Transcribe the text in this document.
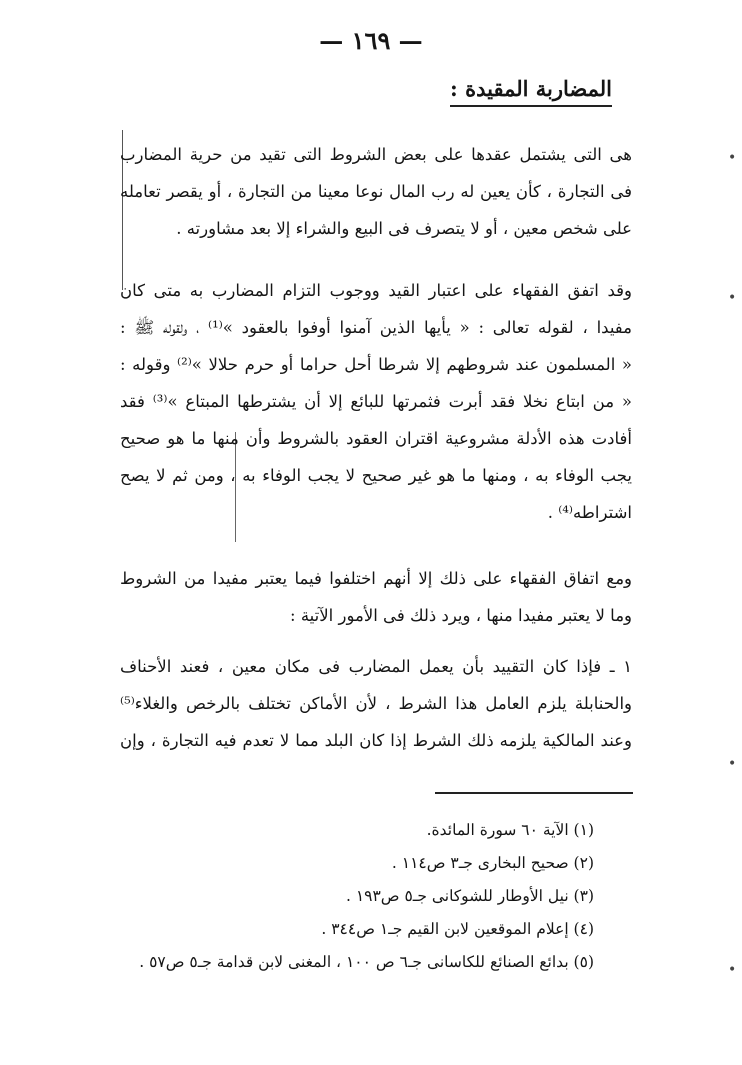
— ١٦٩ —
المضاربة المقيدة :

هى التى يشتمل عقدها على بعض الشروط التى تقيد من حرية المضارب
فى التجارة ، كأن يعين له رب المال نوعا معينا من التجارة ، أو يقصر تعامله
على شخص معين ، أو لا يتصرف فى البيع والشراء إلا بعد مشاورته .

وقد اتفق الفقهاء على اعتبار القيد ووجوب التزام المضارب به متى كان
مفيدا ، لقوله تعالى : « يأيها الذين آمنوا أوفوا بالعقود »⁽¹⁾ ، ولقوله ﷺ :
« المسلمون عند شروطهم إلا شرطا أحل حراما أو حرم حلالا »⁽²⁾ وقوله :
« من ابتاع نخلا فقد أبرت فثمرتها للبائع إلا أن يشترطها المبتاع »⁽³⁾ فقد
أفادت هذه الأدلة مشروعية اقتران العقود بالشروط وأن منها ما هو صحيح
يجب الوفاء به ، ومنها ما هو غير صحيح لا يجب الوفاء به ، ومن ثم لا يصح
اشتراطه⁽⁴⁾ .

ومع اتفاق الفقهاء على ذلك إلا أنهم اختلفوا فيما يعتبر مفيدا من الشروط
وما لا يعتبر مفيدا منها ، ويرد ذلك فى الأمور الآتية :

١ ـ فإذا كان التقييد بأن يعمل المضارب فى مكان معين ، فعند الأحناف
والحنابلة يلزم العامل هذا الشرط ، لأن الأماكن تختلف بالرخص والغلاء⁽⁵⁾
وعند المالكية يلزمه ذلك الشرط إذا كان البلد مما لا تعدم فيه التجارة ، وإن

(١) الآية ٦٠ سورة المائدة.
(٢) صحيح البخارى جـ٣ ص١١٤ .
(٣) نيل الأوطار للشوكانى جـ٥ ص١٩٣ .
(٤) إعلام الموقعين لابن القيم جـ١ ص٣٤٤ .
(٥) بدائع الصنائع للكاسانى جـ٦ ص ١٠٠ ، المغنى لابن قدامة جـ٥ ص٥٧ .
•
•
•
•
